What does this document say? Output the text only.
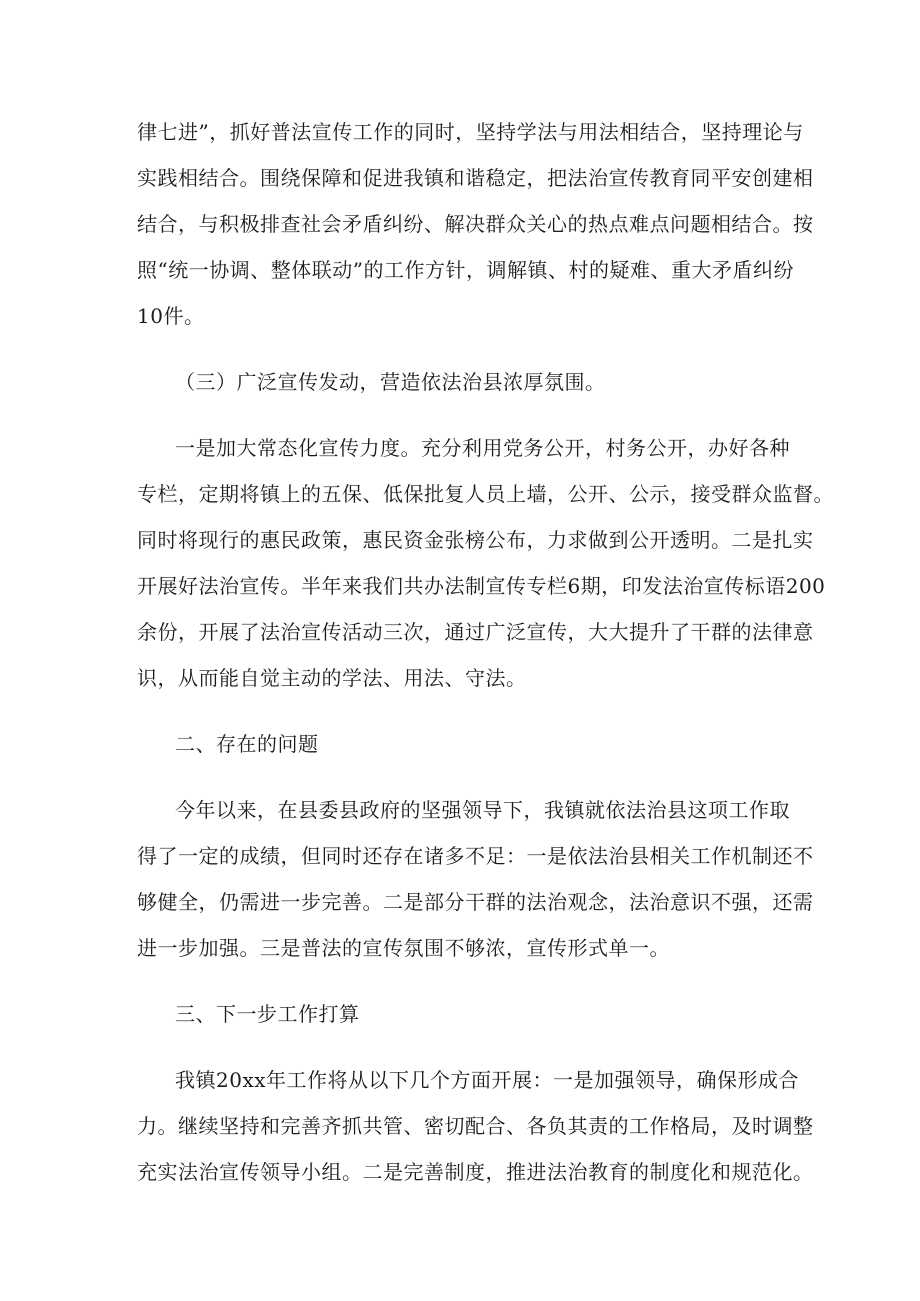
律七进”，抓好普法宣传工作的同时，坚持学法与用法相结合，坚持理论与
实践相结合。围绕保障和促进我镇和谐稳定，把法治宣传教育同平安创建相
结合，与积极排查社会矛盾纠纷、解决群众关心的热点难点问题相结合。按
照“统一协调、整体联动”的工作方针，调解镇、村的疑难、重大矛盾纠纷
10件。
（三）广泛宣传发动，营造依法治县浓厚氛围。
一是加大常态化宣传力度。充分利用党务公开，村务公开，办好各种
专栏，定期将镇上的五保、低保批复人员上墙，公开、公示，接受群众监督。
同时将现行的惠民政策，惠民资金张榜公布，力求做到公开透明。二是扎实
开展好法治宣传。半年来我们共办法制宣传专栏6期，印发法治宣传标语200
余份，开展了法治宣传活动三次，通过广泛宣传，大大提升了干群的法律意
识，从而能自觉主动的学法、用法、守法。
二、存在的问题
今年以来，在县委县政府的坚强领导下，我镇就依法治县这项工作取
得了一定的成绩，但同时还存在诸多不足：一是依法治县相关工作机制还不
够健全，仍需进一步完善。二是部分干群的法治观念，法治意识不强，还需
进一步加强。三是普法的宣传氛围不够浓，宣传形式单一。
三、下一步工作打算
我镇20xx年工作将从以下几个方面开展：一是加强领导，确保形成合
力。继续坚持和完善齐抓共管、密切配合、各负其责的工作格局，及时调整
充实法治宣传领导小组。二是完善制度，推进法治教育的制度化和规范化。
